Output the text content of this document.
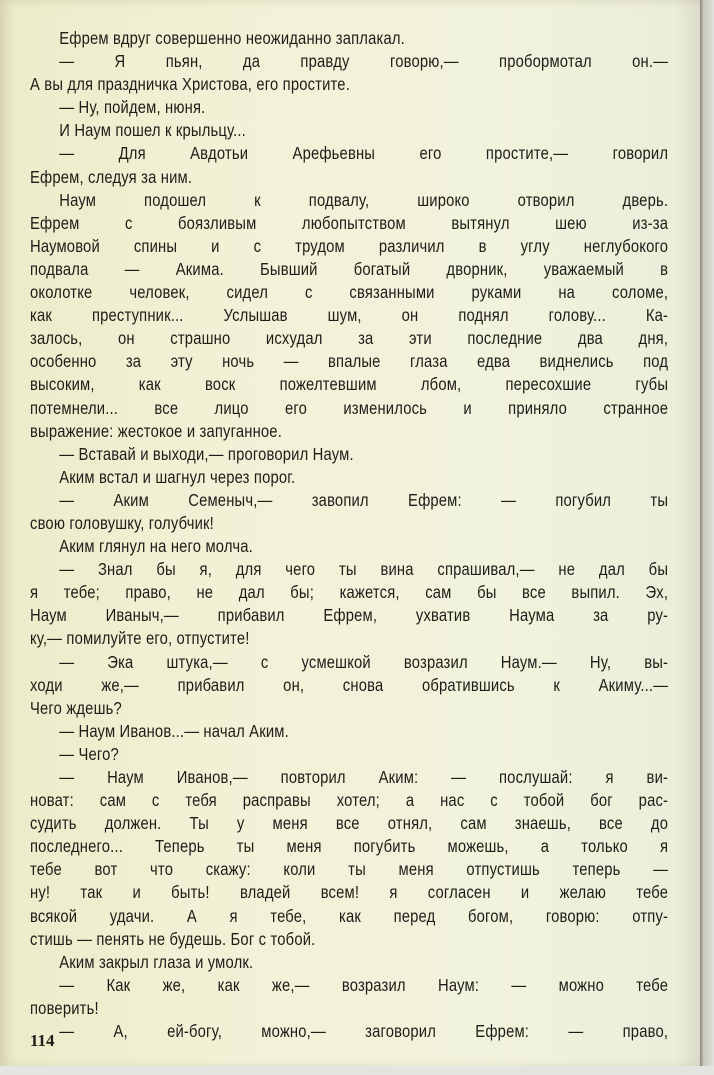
Ефрем вдруг совершенно неожиданно заплакал.
— Я пьян, да правду говорю,— пробормотал он.—
А вы для праздничка Христова, его простите.
— Ну, пойдем, нюня.
И Наум пошел к крыльцу...
— Для Авдотьи Арефьевны его простите,— говорил
Ефрем, следуя за ним.
Наум подошел к подвалу, широко отворил дверь.
Ефрем с боязливым любопытством вытянул шею из-за
Наумовой спины и с трудом различил в углу неглубокого
подвала — Акима. Бывший богатый дворник, уважаемый в
околотке человек, сидел с связанными руками на соломе,
как преступник... Услышав шум, он поднял голову... Ка-
залось, он страшно исхудал за эти последние два дня,
особенно за эту ночь — впалые глаза едва виднелись под
высоким, как воск пожелтевшим лбом, пересохшие губы
потемнели... все лицо его изменилось и приняло странное
выражение: жестокое и запуганное.
— Вставай и выходи,— проговорил Наум.
Аким встал и шагнул через порог.
— Аким Семеныч,— завопил Ефрем: — погубил ты
свою головушку, голубчик!
Аким глянул на него молча.
— Знал бы я, для чего ты вина спрашивал,— не дал бы
я тебе; право, не дал бы; кажется, сам бы все выпил. Эх,
Наум Иваныч,— прибавил Ефрем, ухватив Наума за ру-
ку,— помилуйте его, отпустите!
— Эка штука,— с усмешкой возразил Наум.— Ну, вы-
ходи же,— прибавил он, снова обратившись к Акиму...—
Чего ждешь?
— Наум Иванов...— начал Аким.
— Чего?
— Наум Иванов,— повторил Аким: — послушай: я ви-
новат: сам с тебя расправы хотел; а нас с тобой бог рас-
судить должен. Ты у меня все отнял, сам знаешь, все до
последнего... Теперь ты меня погубить можешь, а только я
тебе вот что скажу: коли ты меня отпустишь теперь —
ну! так и быть! владей всем! я согласен и желаю тебе
всякой удачи. А я тебе, как перед богом, говорю: отпу-
стишь — пенять не будешь. Бог с тобой.
Аким закрыл глаза и умолк.
— Как же, как же,— возразил Наум: — можно тебе
поверить!
— А, ей-богу, можно,— заговорил Ефрем: — право,
114
